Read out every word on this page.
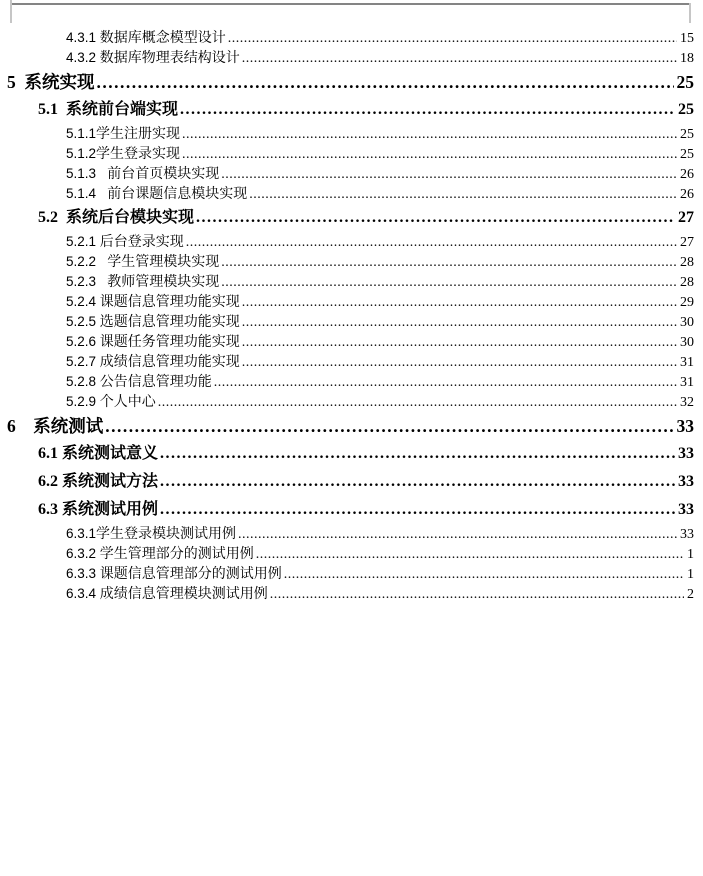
4.3.1 数据库概念模型设计 .....	15
4.3.2 数据库物理表结构设计 .....	18
5 系统实现 .....	25
5.1 系统前台端实现 .....	25
5.1.1 学生注册实现 .....	25
5.1.2 学生登录实现 .....	25
5.1.3 前台首页模块实现 .....	26
5.1.4 前台课题信息模块实现 .....	26
5.2 系统后台模块实现 .....	27
5.2.1 后台登录实现 .....	27
5.2.2 学生管理模块实现 .....	28
5.2.3 教师管理模块实现 .....	28
5.2.4 课题信息管理功能实现 .....	29
5.2.5 选题信息管理功能实现 .....	30
5.2.6 课题任务管理功能实现 .....	30
5.2.7 成绩信息管理功能实现 .....	31
5.2.8 公告信息管理功能 .....	31
5.2.9 个人中心 .....	32
6 系统测试 .....	33
6.1 系统测试意义 .....	33
6.2 系统测试方法 .....	33
6.3 系统测试用例 .....	33
6.3.1 学生登录模块测试用例 .....	33
6.3.2 学生管理部分的测试用例 .....	1
6.3.3 课题信息管理部分的测试用例 .....	1
6.3.4 成绩信息管理模块测试用例 .....	2
